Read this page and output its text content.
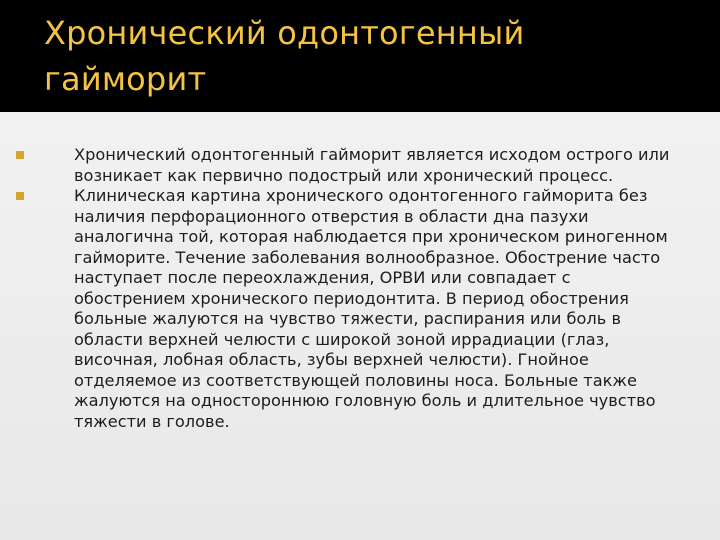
Хронический одонтогенный гайморит
Хронический одонтогенный гайморит является исходом острого или возникает как первично подострый или хронический процесс.
Клиническая картина хронического одонтогенного гайморита без наличия перфорационного отверстия в области дна пазухи аналогична той, которая наблюдается при хроническом риногенном гайморите. Течение заболевания волнообразное. Обострение часто наступает после переохлаждения, ОРВИ или совпадает с обострением хронического периодонтита. В период обострения больные жалуются на чувство тяжести, распирания или боль в области верхней челюсти с широкой зоной иррадиации (глаз, височная, лобная область, зубы верхней челюсти). Гнойное отделяемое из соответствующей половины носа. Больные также жалуются на одностороннюю головную боль и длительное чувство тяжести в голове.
